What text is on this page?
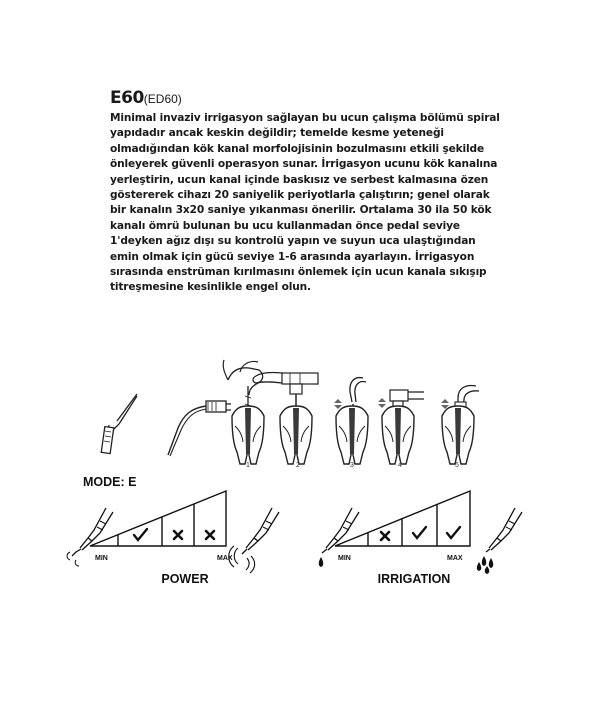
E60(ED60)

Minimal invaziv irrigasyon sağlayan bu ucun çalışma bölümü spiral yapıdadır ancak keskin değildir; temelde kesme yeteneği olmadığından kök kanal morfolojisinin bozulmasını etkili şekilde önleyerek güvenli operasyon sunar. İrrigasyon ucunu kök kanalına yerleştirin, ucun kanal içinde baskısız ve serbest kalmasına özen göstererek cihazı 20 saniyelik periyotlarla çalıştırın; genel olarak bir kanalın 3x20 saniye yıkanması önerilir. Ortalama 30 ila 50 kök kanalı ömrü bulunan bu ucu kullanmadan önce pedal seviye 1'deyken ağız dışı su kontrolü yapın ve suyun uca ulaştığından emin olmak için gücü seviye 1-6 arasında ayarlayın. İrrigasyon sırasında enstrüman kırılmasını önlemek için ucun kanala sıkışıp titreşmesine kesinlikle engel olun.

1	2	3	4	5
MODE: E
MIN	MAX
POWER
MIN	MAX
IRRIGATION
